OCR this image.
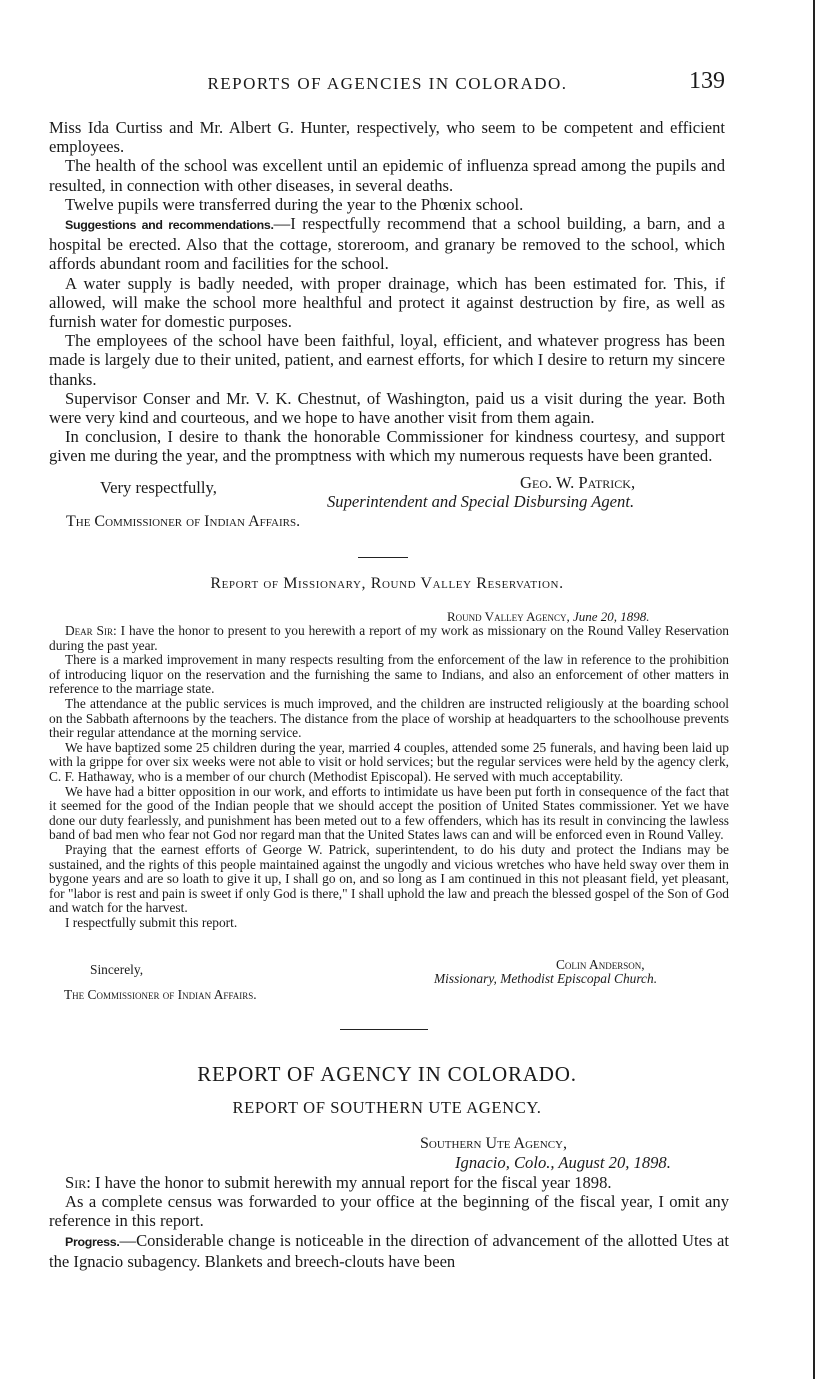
REPORTS OF AGENCIES IN COLORADO.	139

Miss Ida Curtiss and Mr. Albert G. Hunter, respectively, who seem to be competent and efficient employees.

The health of the school was excellent until an epidemic of influenza spread among the pupils and resulted, in connection with other diseases, in several deaths.

Twelve pupils were transferred during the year to the Phœnix school.

Suggestions and recommendations.—I respectfully recommend that a school building, a barn, and a hospital be erected. Also that the cottage, storeroom, and granary be removed to the school, which affords abundant room and facilities for the school.

A water supply is badly needed, with proper drainage, which has been estimated for. This, if allowed, will make the school more healthful and protect it against destruction by fire, as well as furnish water for domestic purposes.

The employees of the school have been faithful, loyal, efficient, and whatever progress has been made is largely due to their united, patient, and earnest efforts, for which I desire to return my sincere thanks.

Supervisor Conser and Mr. V. K. Chestnut, of Washington, paid us a visit during the year. Both were very kind and courteous, and we hope to have another visit from them again.

In conclusion, I desire to thank the honorable Commissioner for kindness courtesy, and support given me during the year, and the promptness with which my numerous requests have been granted.

Very respectfully,	Geo. W. Patrick,
Superintendent and Special Disbursing Agent.
The Commissioner of Indian Affairs.
Report of Missionary, Round Valley Reservation.
Round Valley Agency, June 20, 1898.

Dear Sir: I have the honor to present to you herewith a report of my work as missionary on the Round Valley Reservation during the past year.

There is a marked improvement in many respects resulting from the enforcement of the law in reference to the prohibition of introducing liquor on the reservation and the furnishing the same to Indians, and also an enforcement of other matters in reference to the marriage state.

The attendance at the public services is much improved, and the children are instructed religiously at the boarding school on the Sabbath afternoons by the teachers. The distance from the place of worship at headquarters to the schoolhouse prevents their regular attendance at the morning service.

We have baptized some 25 children during the year, married 4 couples, attended some 25 funerals, and having been laid up with la grippe for over six weeks were not able to visit or hold services; but the regular services were held by the agency clerk, C. F. Hathaway, who is a member of our church (Methodist Episcopal). He served with much acceptability.

We have had a bitter opposition in our work, and efforts to intimidate us have been put forth in consequence of the fact that it seemed for the good of the Indian people that we should accept the position of United States commissioner. Yet we have done our duty fearlessly, and punishment has been meted out to a few offenders, which has its result in convincing the lawless band of bad men who fear not God nor regard man that the United States laws can and will be enforced even in Round Valley.

Praying that the earnest efforts of George W. Patrick, superintendent, to do his duty and protect the Indians may be sustained, and the rights of this people maintained against the ungodly and vicious wretches who have held sway over them in bygone years and are so loath to give it up, I shall go on, and so long as I am continued in this not pleasant field, yet pleasant, for "labor is rest and pain is sweet if only God is there," I shall uphold the law and preach the blessed gospel of the Son of God and watch for the harvest.

I respectfully submit this report.

Sincerely,	Colin Anderson,
Missionary, Methodist Episcopal Church.
The Commissioner of Indian Affairs.
REPORT OF AGENCY IN COLORADO.
REPORT OF SOUTHERN UTE AGENCY.
Southern Ute Agency,
Ignacio, Colo., August 20, 1898.

Sir: I have the honor to submit herewith my annual report for the fiscal year 1898.

As a complete census was forwarded to your office at the beginning of the fiscal year, I omit any reference in this report.

Progress.—Considerable change is noticeable in the direction of advancement of the allotted Utes at the Ignacio subagency. Blankets and breech-clouts have been
